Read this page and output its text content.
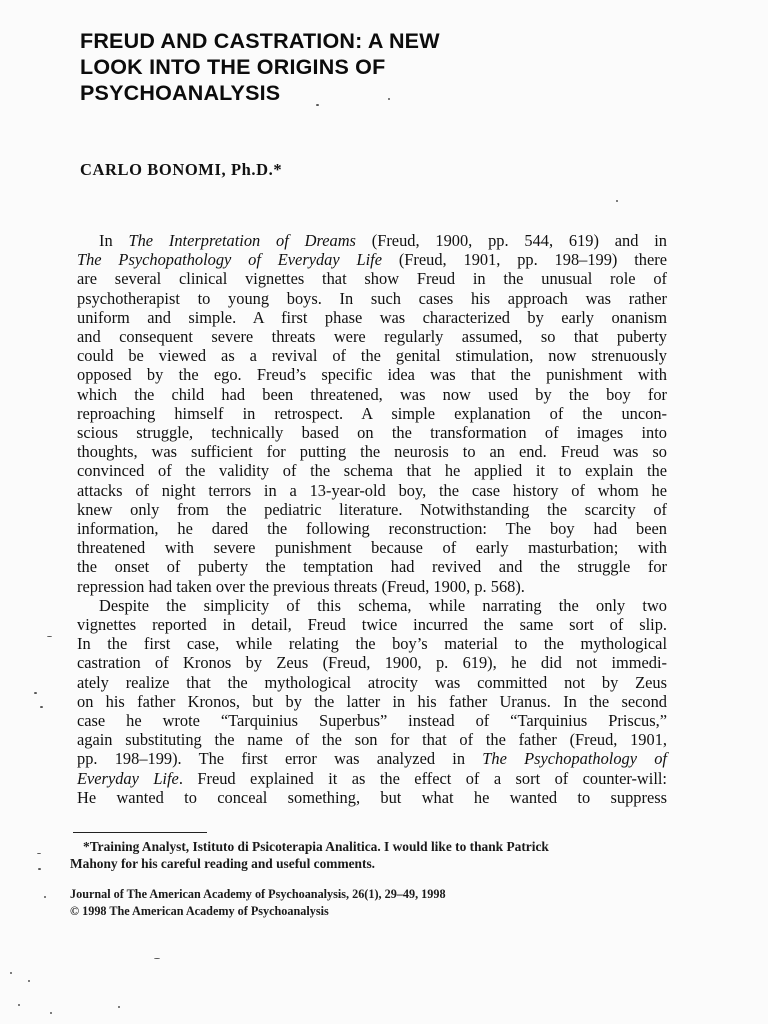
FREUD AND CASTRATION: A NEW
LOOK INTO THE ORIGINS OF
PSYCHOANALYSIS
CARLO BONOMI, Ph.D.*
In The Interpretation of Dreams (Freud, 1900, pp. 544, 619) and in
The Psychopathology of Everyday Life (Freud, 1901, pp. 198–199) there
are several clinical vignettes that show Freud in the unusual role of
psychotherapist to young boys. In such cases his approach was rather
uniform and simple. A first phase was characterized by early onanism
and consequent severe threats were regularly assumed, so that puberty
could be viewed as a revival of the genital stimulation, now strenuously
opposed by the ego. Freud’s specific idea was that the punishment with
which the child had been threatened, was now used by the boy for
reproaching himself in retrospect. A simple explanation of the uncon-
scious struggle, technically based on the transformation of images into
thoughts, was sufficient for putting the neurosis to an end. Freud was so
convinced of the validity of the schema that he applied it to explain the
attacks of night terrors in a 13-year-old boy, the case history of whom he
knew only from the pediatric literature. Notwithstanding the scarcity of
information, he dared the following reconstruction: The boy had been
threatened with severe punishment because of early masturbation; with
the onset of puberty the temptation had revived and the struggle for
repression had taken over the previous threats (Freud, 1900, p. 568).
Despite the simplicity of this schema, while narrating the only two
vignettes reported in detail, Freud twice incurred the same sort of slip.
In the first case, while relating the boy’s material to the mythological
castration of Kronos by Zeus (Freud, 1900, p. 619), he did not immedi-
ately realize that the mythological atrocity was committed not by Zeus
on his father Kronos, but by the latter in his father Uranus. In the second
case he wrote “Tarquinius Superbus” instead of “Tarquinius Priscus,”
again substituting the name of the son for that of the father (Freud, 1901,
pp. 198–199). The first error was analyzed in The Psychopathology of
Everyday Life. Freud explained it as the effect of a sort of counter-will:
He wanted to conceal something, but what he wanted to suppress
*Training Analyst, Istituto di Psicoterapia Analitica. I would like to thank Patrick
Mahony for his careful reading and useful comments.
Journal of The American Academy of Psychoanalysis, 26(1), 29–49, 1998
© 1998 The American Academy of Psychoanalysis
